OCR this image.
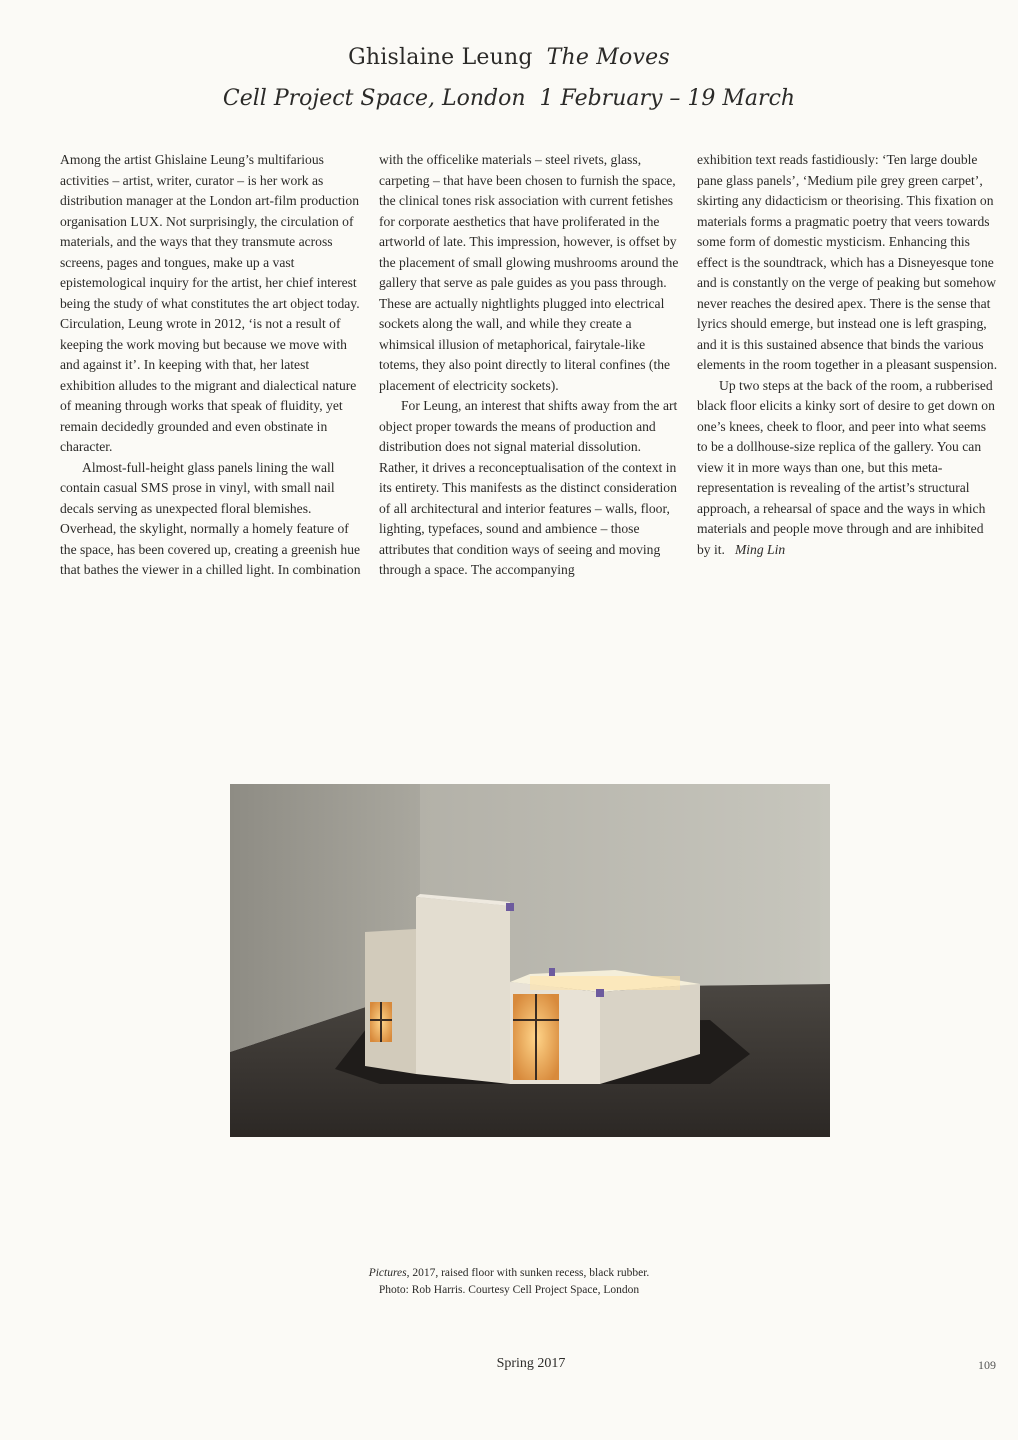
Ghislaine Leung The Moves
Cell Project Space, London 1 February – 19 March

Among the artist Ghislaine Leung’s multifarious activities – artist, writer, curator – is her work as distribution manager at the London art-film production organisation LUX. Not surprisingly, the circulation of materials, and the ways that they transmute across screens, pages and tongues, make up a vast epistemological inquiry for the artist, her chief interest being the study of what constitutes the art object today. Circulation, Leung wrote in 2012, ‘is not a result of keeping the work moving but because we move with and against it’. In keeping with that, her latest exhibition alludes to the migrant and dialectical nature of meaning through works that speak of fluidity, yet remain decidedly grounded and even obstinate in character.

Almost-full-height glass panels lining the wall contain casual SMS prose in vinyl, with small nail decals serving as unexpected floral blemishes. Overhead, the skylight, normally a homely feature of the space, has been covered up, creating a greenish hue that bathes the viewer in a chilled light. In combination

with the officelike materials – steel rivets, glass, carpeting – that have been chosen to furnish the space, the clinical tones risk association with current fetishes for corporate aesthetics that have proliferated in the artworld of late. This impression, however, is offset by the placement of small glowing mushrooms around the gallery that serve as pale guides as you pass through. These are actually nightlights plugged into electrical sockets along the wall, and while they create a whimsical illusion of metaphorical, fairytale-like totems, they also point directly to literal confines (the placement of electricity sockets).

For Leung, an interest that shifts away from the art object proper towards the means of production and distribution does not signal material dissolution. Rather, it drives a reconceptualisation of the context in its entirety. This manifests as the distinct consideration of all architectural and interior features – walls, floor, lighting, typefaces, sound and ambience – those attributes that condition ways of seeing and moving through a space. The accompanying

exhibition text reads fastidiously: ‘Ten large double pane glass panels’, ‘Medium pile grey green carpet’, skirting any didacticism or theorising. This fixation on materials forms a pragmatic poetry that veers towards some form of domestic mysticism. Enhancing this effect is the soundtrack, which has a Disneyesque tone and is constantly on the verge of peaking but somehow never reaches the desired apex. There is the sense that lyrics should emerge, but instead one is left grasping, and it is this sustained absence that binds the various elements in the room together in a pleasant suspension.

Up two steps at the back of the room, a rubberised black floor elicits a kinky sort of desire to get down on one’s knees, cheek to floor, and peer into what seems to be a dollhouse-size replica of the gallery. You can view it in more ways than one, but this meta-representation is revealing of the artist’s structural approach, a rehearsal of space and the ways in which materials and people move through and are inhibited by it. Ming Lin

Pictures, 2017, raised floor with sunken recess, black rubber.
Photo: Rob Harris. Courtesy Cell Project Space, London
Spring 2017	109
